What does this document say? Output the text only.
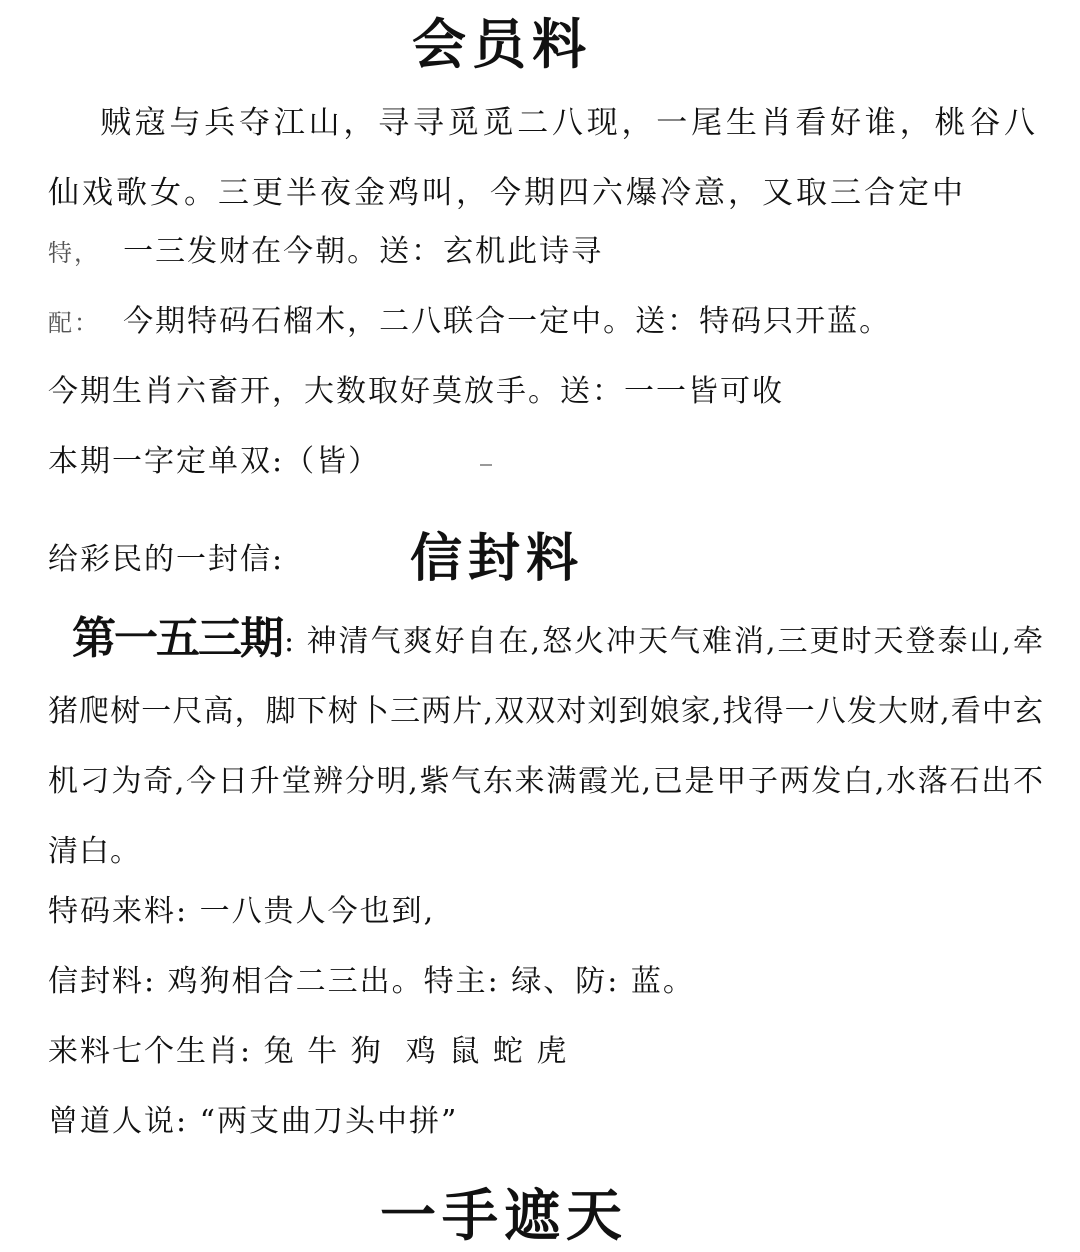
会员料
贼寇与兵夺江山，寻寻觅觅二八现，一尾生肖看好谁，桃谷八仙戏歌女。三更半夜金鸡叫，今期四六爆冷意，又取三合定中
特， 一三发财在今朝。送：玄机此诗寻
配： 今期特码石榴木，二八联合一定中。送：特码只开蓝。
今期生肖六畜开，大数取好莫放手。送：一一皆可收
本期一字定单双:（皆）
给彩民的一封信: 信封料
第一五三期: 神清气爽好自在,怒火冲天气难消,三更时天登泰山,牵猪爬树一尺高，脚下树卜三两片,双双对刘到娘家,找得一八发大财,看中玄机刁为奇,今日升堂辨分明,紫气东来满霞光,已是甲子两发白,水落石出不清白。
特码来料: 一八贵人今也到,
信封料: 鸡狗相合二三出。特主: 绿、防: 蓝。
来料七个生肖: 兔 牛 狗  鸡 鼠 蛇 虎
曾道人说: “两支曲刀头中拼”
一手遮天
